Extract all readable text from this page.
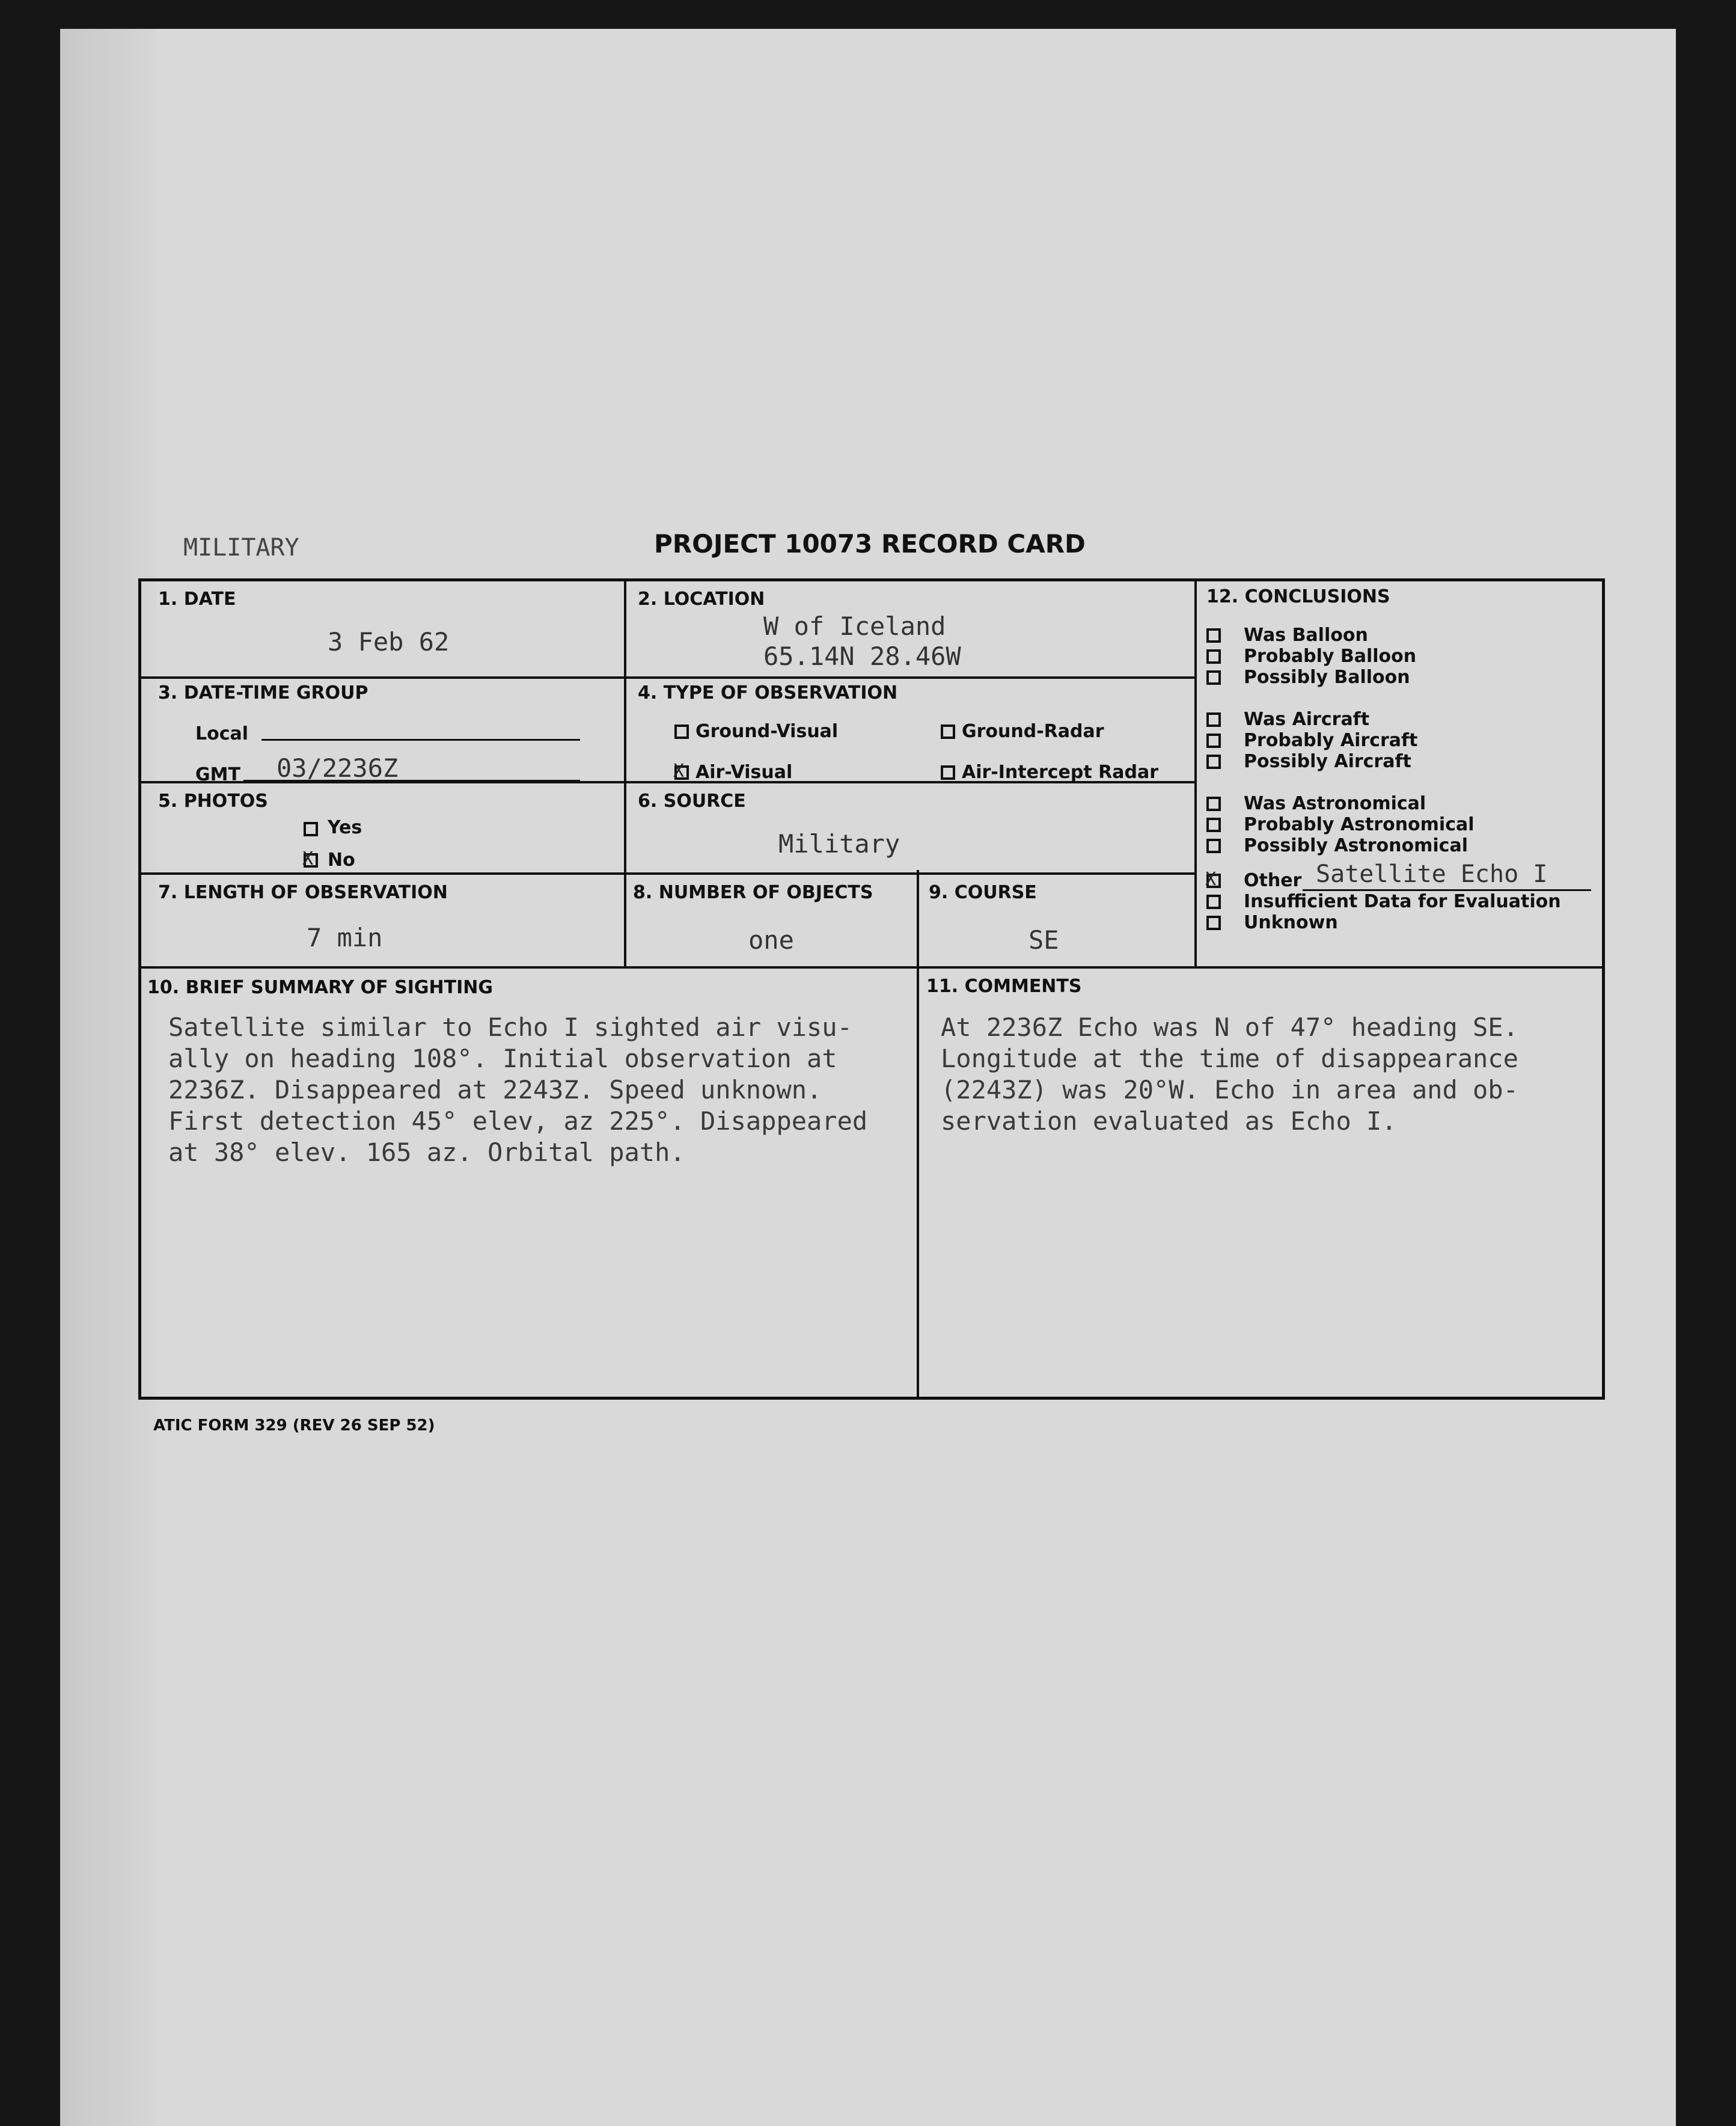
MILITARY	PROJECT 10073 RECORD CARD
1. DATE
3 Feb 62
2. LOCATION
W of Iceland
65.14N 28.46W
3. DATE-TIME GROUP
Local
GMT 03/2236Z
4. TYPE OF OBSERVATION
Ground-Visual	Ground-Radar
X
Air-Visual	Air-Intercept Radar
5. PHOTOS
Yes
X
No
6. SOURCE
Military
7. LENGTH OF OBSERVATION
7 min
8. NUMBER OF OBJECTS
one
9. COURSE
SE
12. CONCLUSIONS
Was Balloon
Probably Balloon
Possibly Balloon
Was Aircraft
Probably Aircraft
Possibly Aircraft
Was Astronomical
Probably Astronomical
Possibly Astronomical
X
Other Satellite Echo I
Insufficient Data for Evaluation
Unknown
10. BRIEF SUMMARY OF SIGHTING
Satellite similar to Echo I sighted air visu-
ally on heading 108°. Initial observation at
2236Z. Disappeared at 2243Z. Speed unknown.
First detection 45° elev, az 225°. Disappeared
at 38° elev. 165 az. Orbital path.
11. COMMENTS
At 2236Z Echo was N of 47° heading SE.
Longitude at the time of disappearance
(2243Z) was 20°W. Echo in area and ob-
servation evaluated as Echo I.
ATIC FORM 329 (REV 26 SEP 52)
